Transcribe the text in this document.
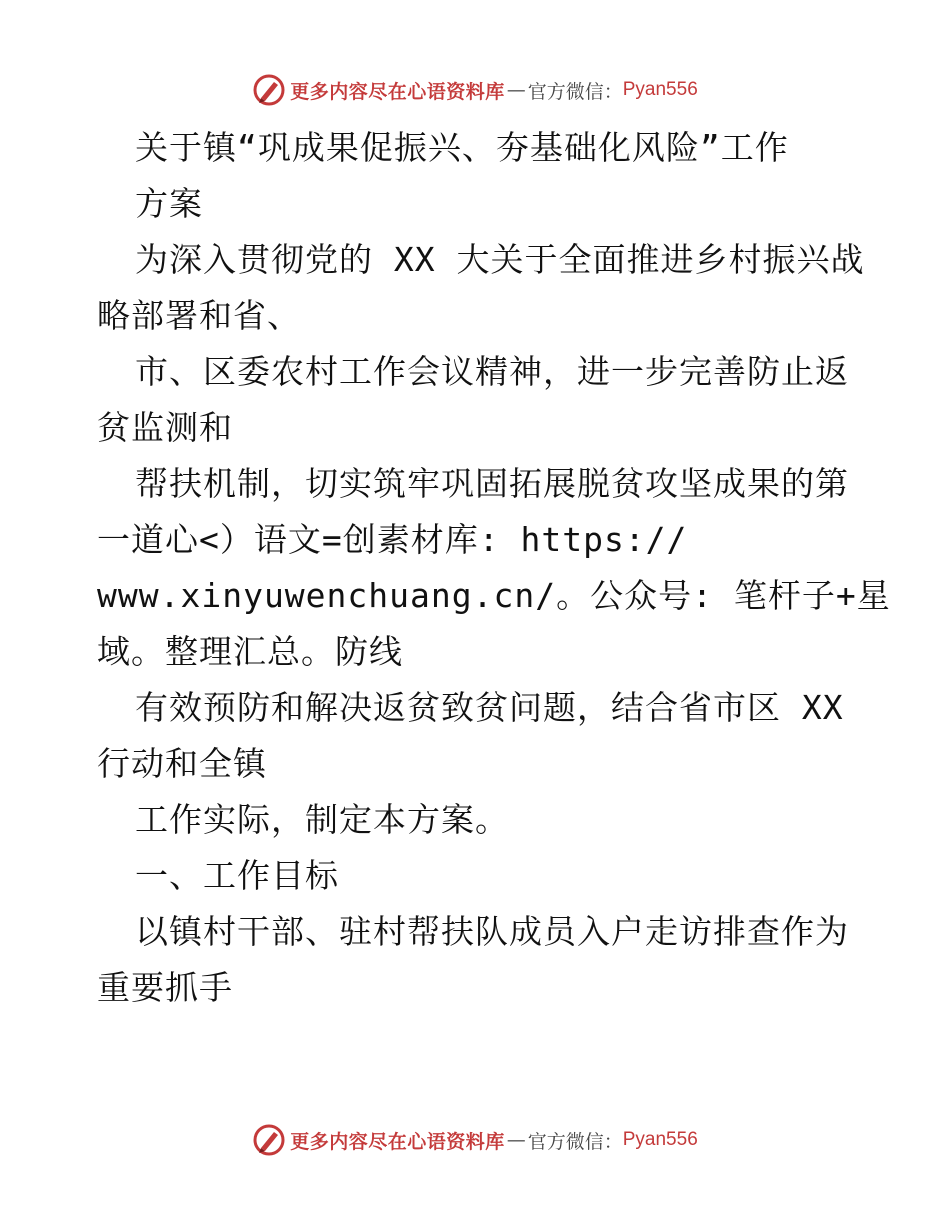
更多内容尽在心语资料库 — 官方微信： Pyan556
关于镇“巩成果促振兴、夯基础化风险”工作
方案
为深入贯彻党的 XX 大关于全面推进乡村振兴战
略部署和省、
市、区委农村工作会议精神，进一步完善防止返
贫监测和
帮扶机制，切实筑牢巩固拓展脱贫攻坚成果的第
一道心<）语文=创素材库: https://
www.xinyuwenchuang.cn/。公众号: 笔杆子+星
域。整理汇总。防线
有效预防和解决返贫致贫问题，结合省市区 XX
行动和全镇
工作实际，制定本方案。
一、工作目标
以镇村干部、驻村帮扶队成员入户走访排查作为
重要抓手
更多内容尽在心语资料库 — 官方微信： Pyan556
